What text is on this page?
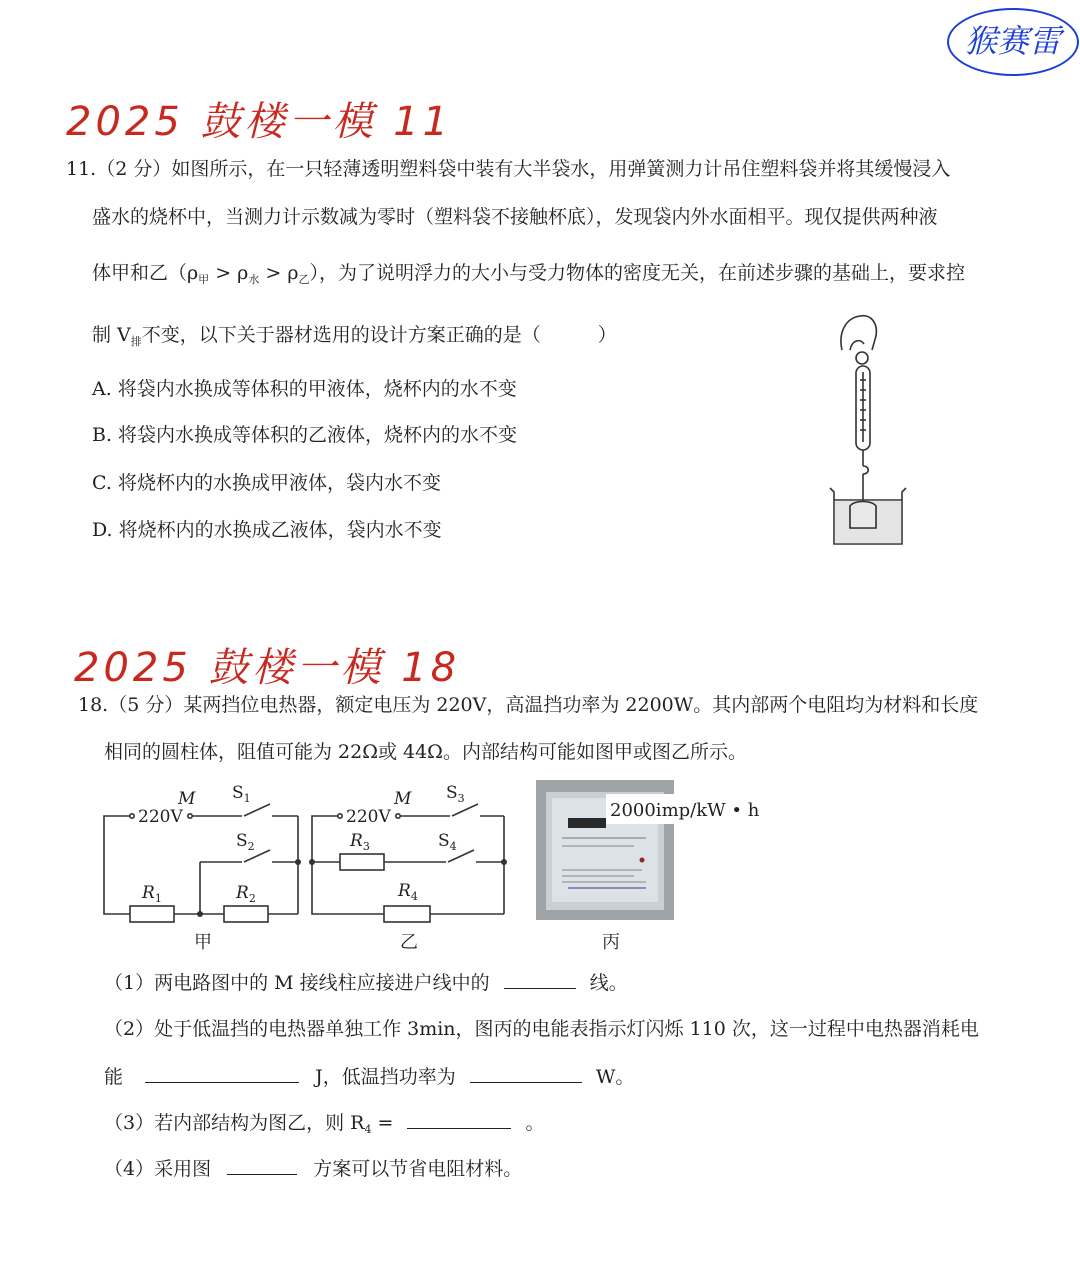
猴赛雷
2025 鼓楼一模 11
11.（2 分）如图所示，在一只轻薄透明塑料袋中装有大半袋水，用弹簧测力计吊住塑料袋并将其缓慢浸入
盛水的烧杯中，当测力计示数减为零时（塑料袋不接触杯底），发现袋内外水面相平。现仅提供两种液
体甲和乙$(\rho_甲 > \rho_水 > \rho_乙)$，为了说明浮力的大小与受力物体的密度无关，在前述步骤的基础上，要求控
制 $V_排$不变，以下关于器材选用的设计方案正确的是（　　　）
A. 将袋内水换成等体积的甲液体，烧杯内的水不变
B. 将袋内水换成等体积的乙液体，烧杯内的水不变
C. 将烧杯内的水换成甲液体，袋内水不变
D. 将烧杯内的水换成乙液体，袋内水不变
2025 鼓楼一模 18
18.（5 分）某两挡位电热器，额定电压为 220V，高温挡功率为 2200W。其内部两个电阻均为材料和长度
相同的圆柱体，阻值可能为 22Ω或 44Ω。内部结构可能如图甲或图乙所示。
220V
M $S_1$
$S_2$
$R_1$	$R_2$
甲
220V
M $S_3$
$S_4$
$R_3$
$R_4$
乙
2000imp/kW • h
丙
（1）两电路图中的 M 接线柱应接进户线中的	线。
（2）处于低温挡的电热器单独工作 3min，图丙的电能表指示灯闪烁 110 次，这一过程中电热器消耗电
能	J，低温挡功率为	W。
（3）若内部结构为图乙，则 $R_4$ =	。
（4）采用图	方案可以节省电阻材料。
